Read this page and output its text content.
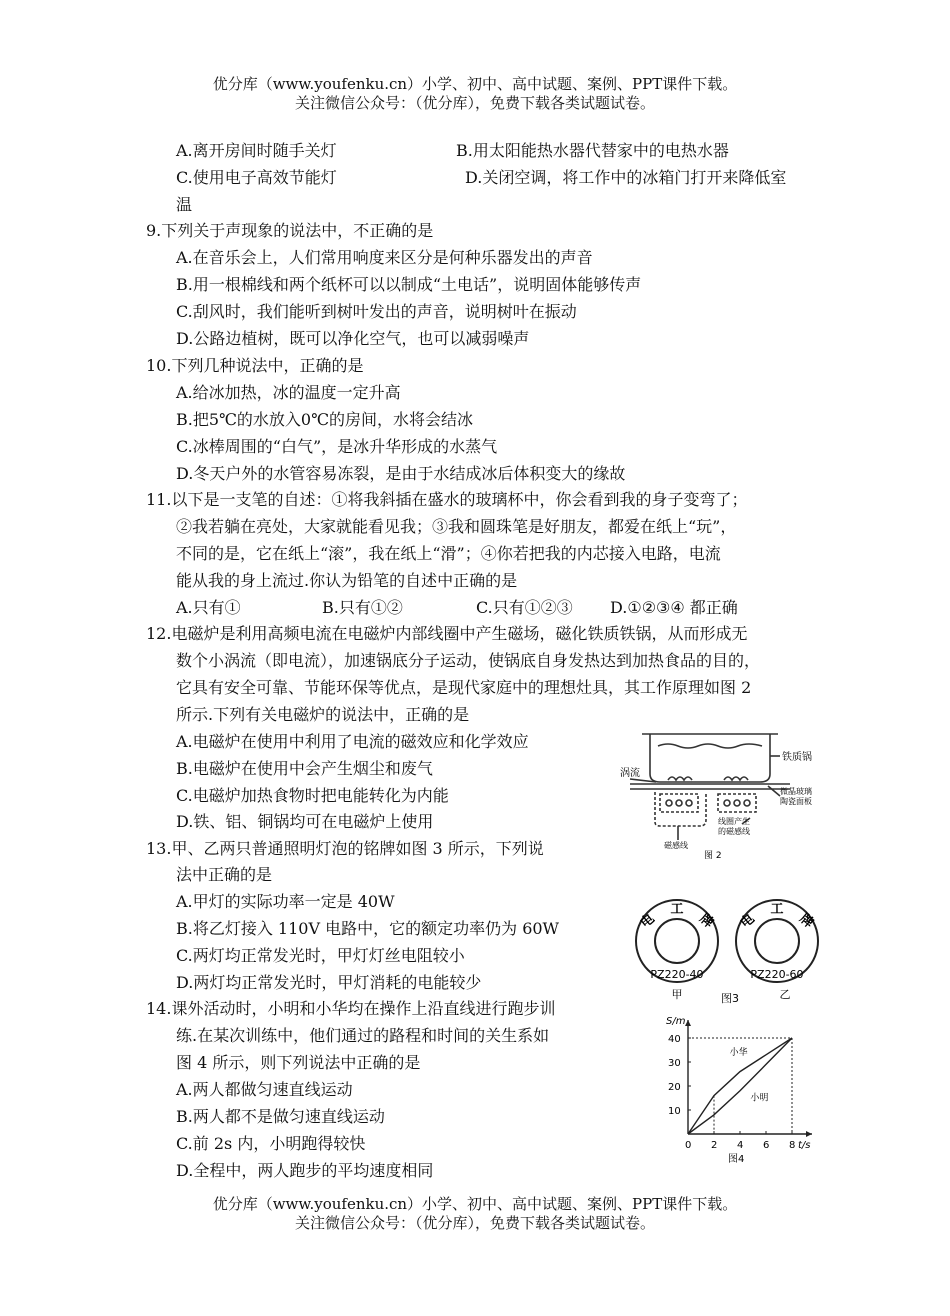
优分库（www.youfenku.cn）小学、初中、高中试题、案例、PPT课件下载。
关注微信公众号：（优分库），免费下载各类试题试卷。
A.离开房间时随手关灯	B.用太阳能热水器代替家中的电热水器
C.使用电子高效节能灯	D.关闭空调，将工作中的冰箱门打开来降低室
温
9.下列关于声现象的说法中，不正确的是
A.在音乐会上，人们常用响度来区分是何种乐器发出的声音
B.用一根棉线和两个纸杯可以以制成“土电话”，说明固体能够传声
C.刮风时，我们能听到树叶发出的声音，说明树叶在振动
D.公路边植树，既可以净化空气，也可以减弱噪声
10.下列几种说法中，正确的是
A.给冰加热，冰的温度一定升高
B.把5℃的水放入0℃的房间，水将会结冰
C.冰棒周围的“白气”，是冰升华形成的水蒸气
D.冬天户外的水管容易冻裂，是由于水结成冰后体积变大的缘故
11.以下是一支笔的自述：①将我斜插在盛水的玻璃杯中，你会看到我的身子变弯了；
②我若躺在亮处，大家就能看见我；③我和圆珠笔是好朋友，都爱在纸上“玩”，
不同的是，它在纸上“滚”，我在纸上“滑”；④你若把我的内芯接入电路，电流
能从我的身上流过.你认为铅笔的自述中正确的是
A.只有①	B.只有①②	C.只有①②③ D.①②③④ 都正确
12.电磁炉是利用高频电流在电磁炉内部线圈中产生磁场，磁化铁质铁锅，从而形成无
数个小涡流（即电流），加速锅底分子运动，使锅底自身发热达到加热食品的目的，
它具有安全可靠、节能环保等优点，是现代家庭中的理想灶具，其工作原理如图 2
所示.下列有关电磁炉的说法中，正确的是
A.电磁炉在使用中利用了电流的磁效应和化学效应
B.电磁炉在使用中会产生烟尘和废气
C.电磁炉加热食物时把电能转化为内能
D.铁、铝、铜锅均可在电磁炉上使用
铁质锅
涡流
微晶玻璃
陶瓷面板
线圈产生
的磁感线
磁感线
图 2
13.甲、乙两只普通照明灯泡的铭牌如图 3 所示，下列说
法中正确的是
A.甲灯的实际功率一定是 40W
B.将乙灯接入 110V 电路中，它的额定功率仍为 60W
C.两灯均正常发光时，甲灯灯丝电阻较小
D.两灯均正常发光时，甲灯消耗的电能较少
电
工
牌 电
工
牌
PZ220-40	PZ220-60
甲	乙
图3
14.课外活动时，小明和小华均在操作上沿直线进行跑步训
练.在某次训练中，他们通过的路程和时间的关生系如
图 4 所示，则下列说法中正确的是
A.两人都做匀速直线运动
B.两人都不是做匀速直线运动
C.前 2s 内，小明跑得较快
D.全程中，两人跑步的平均速度相同
S/m
t/s
0 2 4 6 8
10
20
30
40
小华
小明
图4
优分库（www.youfenku.cn）小学、初中、高中试题、案例、PPT课件下载。
关注微信公众号：（优分库），免费下载各类试题试卷。
